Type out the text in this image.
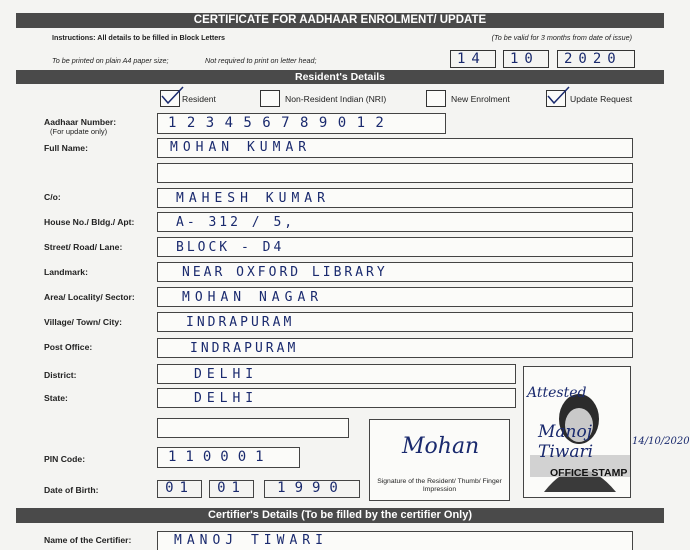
CERTIFICATE FOR AADHAAR ENROLMENT/ UPDATE
Instructions: All details to be filled in Block Letters	(To be valid for 3 months from date of issue)
To be printed on plain A4 paper size;	Not required to print on letter head;	14	10	2020
Resident's Details
Resident	Non-Resident Indian (NRI)	New Enrolment	Update Request
Aadhaar Number:
(For update only)
1 2 3 4 5 6 7 8 9 0 1 2
Full Name:	MOHAN KUMAR
C/o:	MAHESH KUMAR
House No./ Bldg./ Apt:	A- 312 / 5,
Street/ Road/ Lane:	BLOCK - D4
Landmark:	NEAR OXFORD LIBRARY
Area/ Locality/ Sector:	MOHAN NAGAR
Village/ Town/ City:	INDRAPURAM
Post Office:	INDRAPURAM
District:	DELHI
State:	DELHI
PIN Code:	110001
Date of Birth:	01	01	1990
Mohan
Signature of the Resident/ Thumb/ Finger Impression
Attested
Manoj Tiwari
14/10/2020
OFFICE STAMP
Certifier's Details (To be filled by the certifier Only)
Name of the Certifier:	MANOJ TIWARI
